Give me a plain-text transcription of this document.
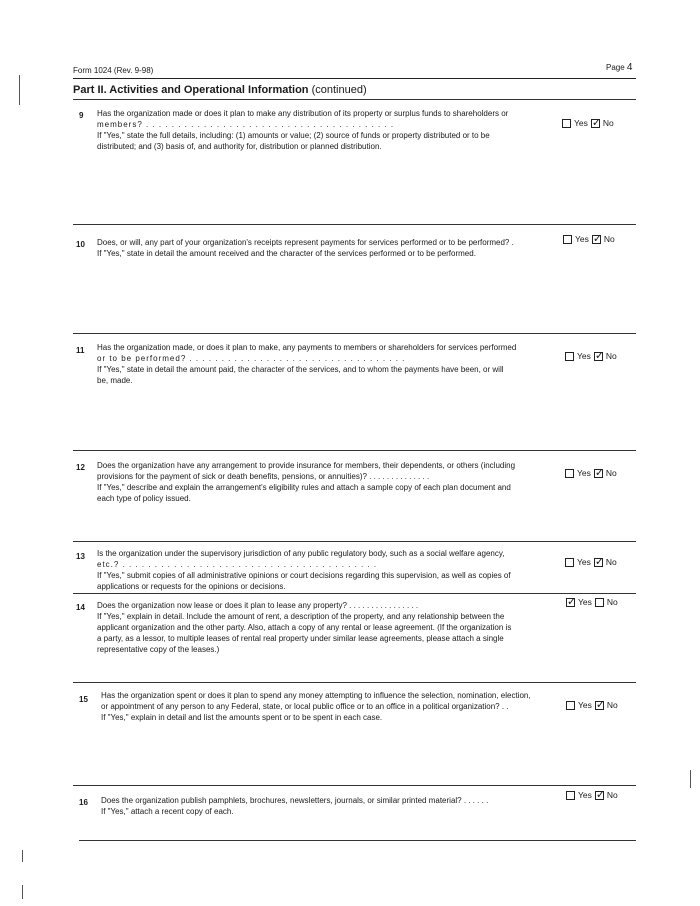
Form 1024 (Rev. 9-98)	Page 4
Part II. Activities and Operational Information (continued)
9 Has the organization made or does it plan to make any distribution of its property or surplus funds to shareholders or
members? . . . . . . . . . . . . . . . . . . . . . . . . . . . . . . . . . . . . . . .
If "Yes," state the full details, including: (1) amounts or value; (2) source of funds or property distributed or to be
distributed; and (3) basis of, and authority for, distribution or planned distribution.
Yes ✓ No
10 Does, or will, any part of your organization's receipts represent payments for services performed or to be performed? .
If "Yes," state in detail the amount received and the character of the services performed or to be performed.
Yes ✓ No
11 Has the organization made, or does it plan to make, any payments to members or shareholders for services performed
or to be performed? . . . . . . . . . . . . . . . . . . . . . . . . . . . . . . . . . .
If "Yes," state in detail the amount paid, the character of the services, and to whom the payments have been, or will
be, made.
Yes ✓ No
12 Does the organization have any arrangement to provide insurance for members, their dependents, or others (including
provisions for the payment of sick or death benefits, pensions, or annuities)? . . . . . . . . . . . . . .
If "Yes," describe and explain the arrangement's eligibility rules and attach a sample copy of each plan document and
each type of policy issued.
Yes ✓ No
13 Is the organization under the supervisory jurisdiction of any public regulatory body, such as a social welfare agency,
etc.? . . . . . . . . . . . . . . . . . . . . . . . . . . . . . . . . . . . . . . . .
If "Yes," submit copies of all administrative opinions or court decisions regarding this supervision, as well as copies of
applications or requests for the opinions or decisions.
Yes ✓ No
14 Does the organization now lease or does it plan to lease any property? . . . . . . . . . . . . . . . .
If "Yes," explain in detail. Include the amount of rent, a description of the property, and any relationship between the
applicant organization and the other party. Also, attach a copy of any rental or lease agreement. (If the organization is
a party, as a lessor, to multiple leases of rental real property under similar lease agreements, please attach a single
representative copy of the leases.)
✓
Yes No
15 Has the organization spent or does it plan to spend any money attempting to influence the selection, nomination, election,
or appointment of any person to any Federal, state, or local public office or to an office in a political organization? . .
If "Yes," explain in detail and list the amounts spent or to be spent in each case.
Yes ✓ No
16 Does the organization publish pamphlets, brochures, newsletters, journals, or similar printed material? . . . . . .
If "Yes," attach a recent copy of each.
Yes ✓ No
